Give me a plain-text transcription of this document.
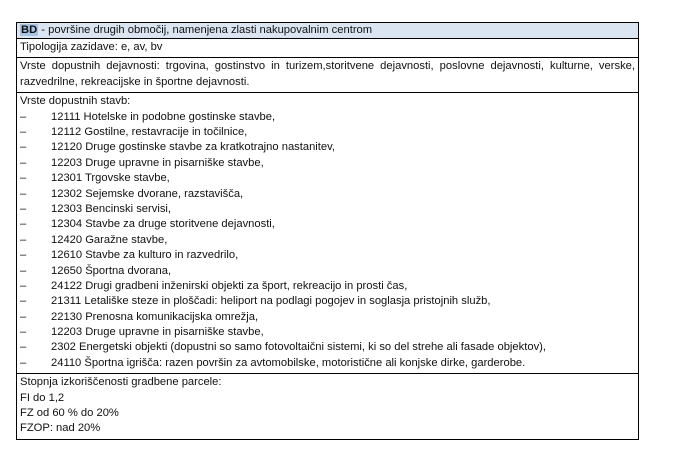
BD - površine drugih območij, namenjena zlasti nakupovalnim centrom
Tipologija zazidave: e, av, bv
Vrste dopustnih dejavnosti: trgovina, gostinstvo in turizem,storitvene dejavnosti, poslovne dejavnosti, kulturne, verske, razvedrilne, rekreacijske in športne dejavnosti.
Vrste dopustnih stavb:
– 12111 Hotelske in podobne gostinske stavbe,
– 12112 Gostilne, restavracije in točilnice,
– 12120 Druge gostinske stavbe za kratkotrajno nastanitev,
– 12203 Druge upravne in pisarniške stavbe,
– 12301 Trgovske stavbe,
– 12302 Sejemske dvorane, razstavišča,
– 12303 Bencinski servisi,
– 12304 Stavbe za druge storitvene dejavnosti,
– 12420 Garažne stavbe,
– 12610 Stavbe za kulturo in razvedrilo,
– 12650 Športna dvorana,
– 24122 Drugi gradbeni inženirski objekti za šport, rekreacijo in prosti čas,
– 21311 Letališke steze in ploščadi: heliport na podlagi pogojev in soglasja pristojnih služb,
– 22130 Prenosna komunikacijska omrežja,
– 12203 Druge upravne in pisarniške stavbe,
– 2302 Energetski objekti (dopustni so samo fotovoltaični sistemi, ki so del strehe ali fasade objektov),
– 24110 Športna igrišča: razen površin za avtomobilske, motoristične ali konjske dirke, garderobe.
Stopnja izkoriščenosti gradbene parcele:
FI do 1,2
FZ od 60 % do 20%
FZOP: nad 20%
